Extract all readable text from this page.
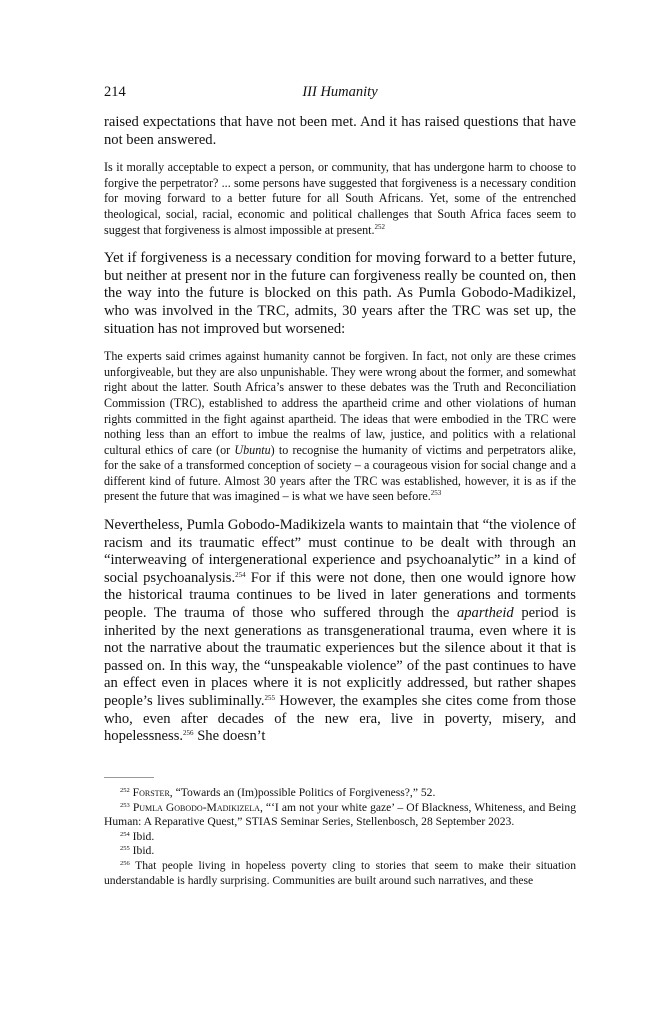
214	III Humanity

raised expectations that have not been met. And it has raised questions that have not been answered.

Is it morally acceptable to expect a person, or community, that has undergone harm to choose to forgive the perpetrator? ... some persons have suggested that forgiveness is a necessary condition for moving forward to a better future for all South Africans. Yet, some of the entrenched theological, social, racial, economic and political challenges that South Africa faces seem to suggest that forgiveness is almost impossible at present.$^{252}$

Yet if forgiveness is a necessary condition for moving forward to a better future, but neither at present nor in the future can forgiveness really be counted on, then the way into the future is blocked on this path. As Pumla Gobodo-Madikizel, who was involved in the TRC, admits, 30 years after the TRC was set up, the situation has not improved but worsened:

The experts said crimes against humanity cannot be forgiven. In fact, not only are these crimes unforgiveable, but they are also unpunishable. They were wrong about the former, and somewhat right about the latter. South Africa’s answer to these debates was the Truth and Reconciliation Commission (TRC), established to address the apartheid crime and other violations of human rights committed in the fight against apartheid. The ideas that were embodied in the TRC were nothing less than an effort to imbue the realms of law, justice, and politics with a relational cultural ethics of care (or Ubuntu) to recognise the humanity of victims and perpetrators alike, for the sake of a transformed conception of society – a courageous vision for social change and a different kind of future. Almost 30 years after the TRC was established, however, it is as if the present the future that was imagined – is what we have seen before.$^{253}$

Nevertheless, Pumla Gobodo-Madikizela wants to maintain that “the violence of racism and its traumatic effect” must continue to be dealt with through an “interweaving of intergenerational experience and psychoanalytic” in a kind of social psychoanalysis.$^{254}$ For if this were not done, then one would ignore how the historical trauma continues to be lived in later generations and torments people. The trauma of those who suffered through the apartheid period is inherited by the next generations as transgenerational trauma, even where it is not the narrative about the traumatic experiences but the silence about it that is passed on. In this way, the “unspeakable violence” of the past continues to have an effect even in places where it is not explicitly addressed, but rather shapes people’s lives subliminally.$^{255}$ However, the examples she cites come from those who, even after decades of the new era, live in poverty, misery, and hopelessness.$^{256}$ She doesn’t

$^{252}$ Forster, “Towards an (Im)possible Politics of Forgiveness?,” 52.

$^{253}$ Pumla Gobodo-Madikizela, “‘I am not your white gaze’ – Of Blackness, Whiteness, and Being Human: A Reparative Quest,” STIAS Seminar Series, Stellenbosch, 28 September 2023.

$^{254}$ Ibid.

$^{255}$ Ibid.

$^{256}$ That people living in hopeless poverty cling to stories that seem to make their situation understandable is hardly surprising. Communities are built around such narratives, and these
